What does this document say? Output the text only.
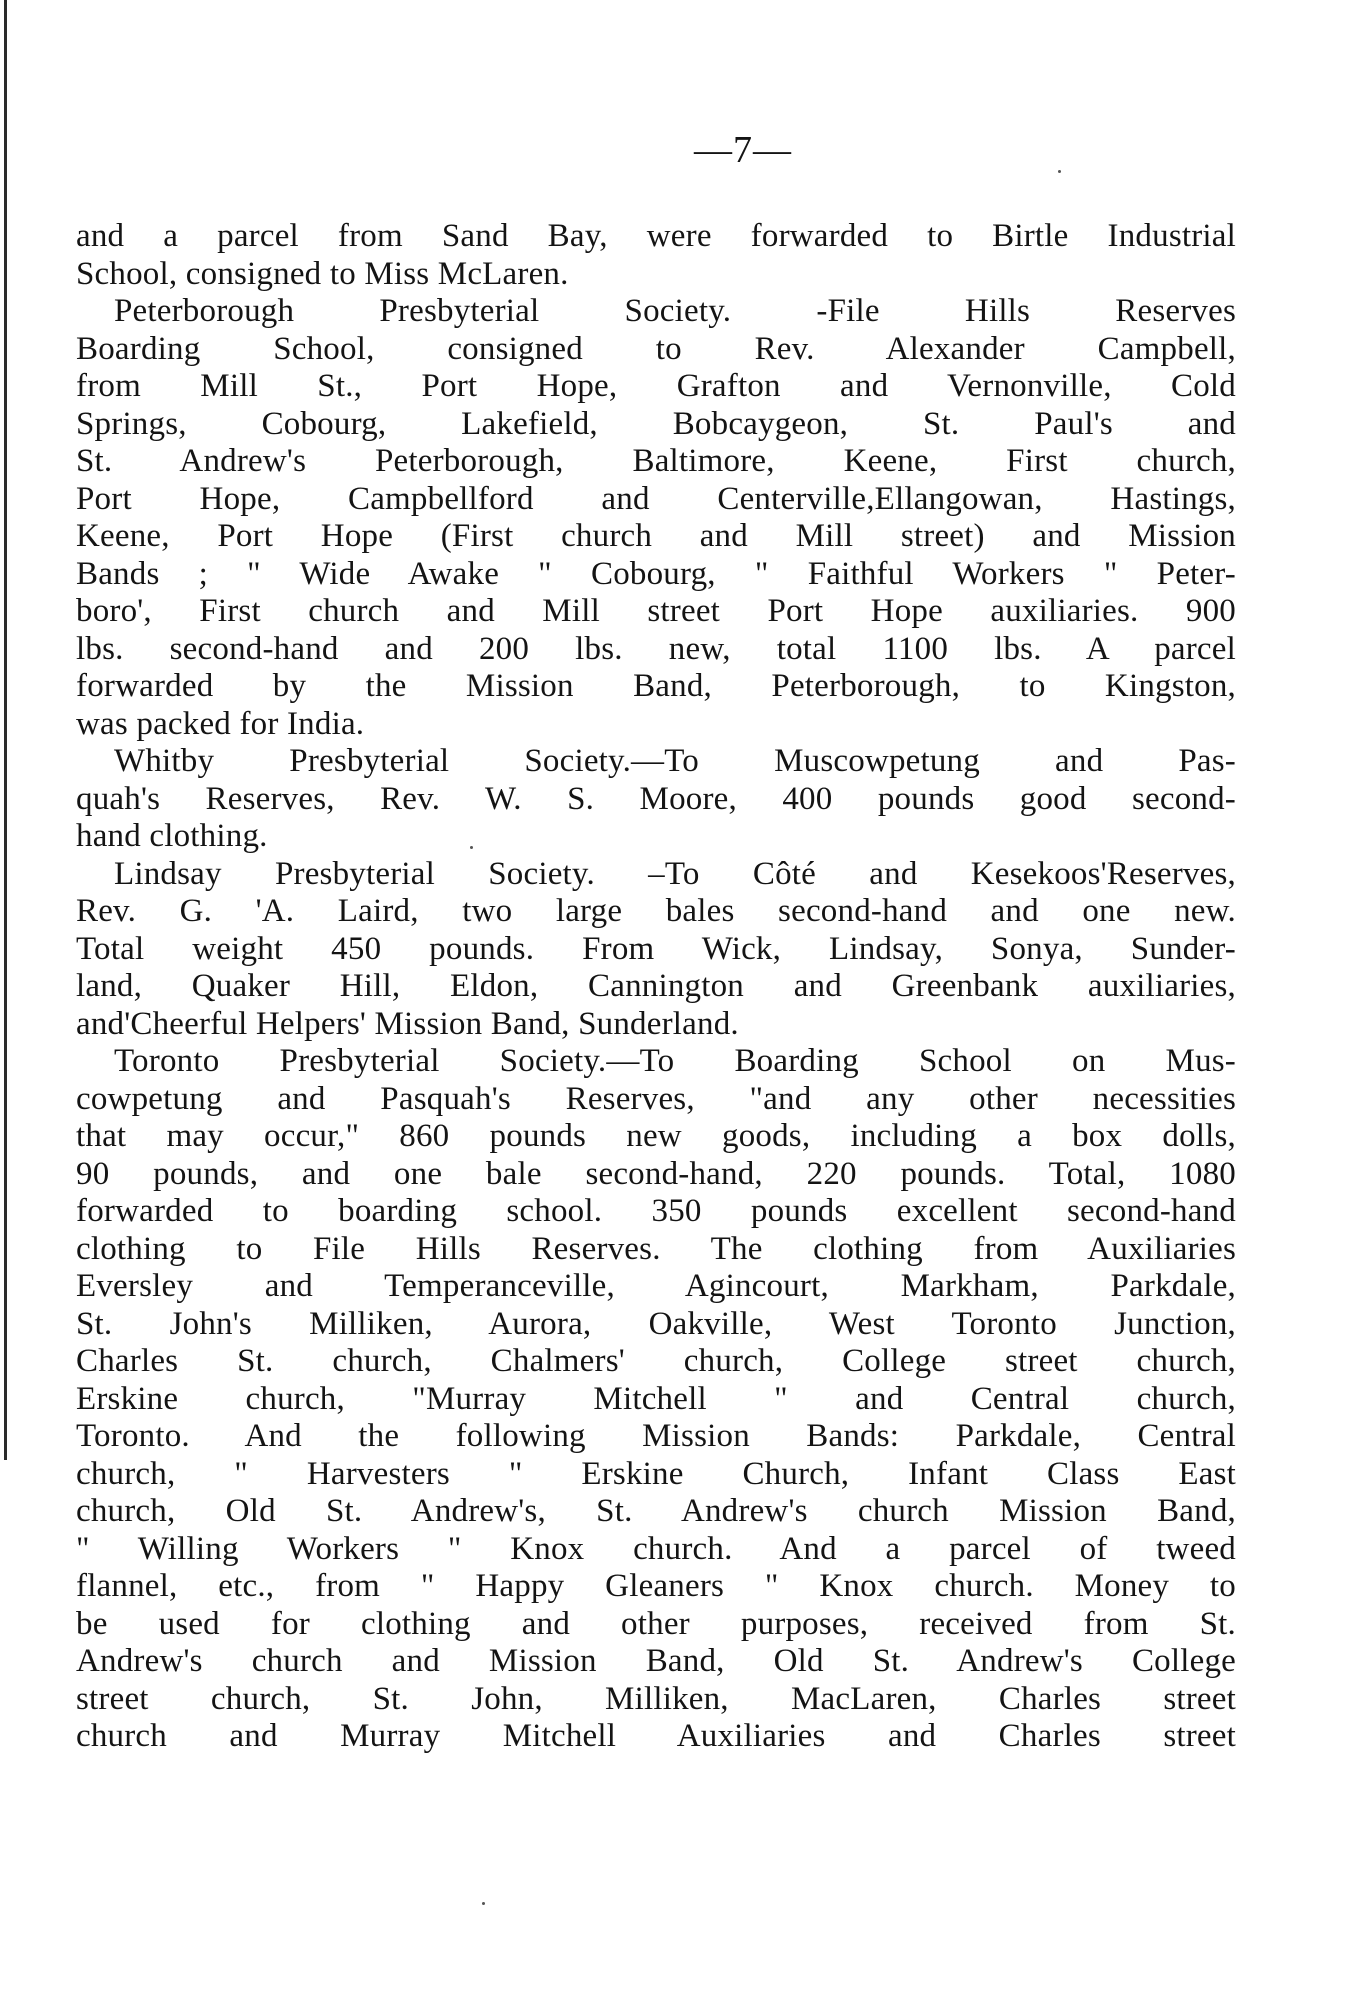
—7—
and a parcel from Sand Bay, were forwarded to Birtle Industrial
School, consigned to Miss McLaren.
Peterborough Presbyterial Society. -File Hills Reserves
Boarding School, consigned to Rev. Alexander Campbell,
from Mill St., Port Hope, Grafton and Vernonville, Cold
Springs, Cobourg, Lakefield, Bobcaygeon, St. Paul's and
St. Andrew's Peterborough, Baltimore, Keene, First church,
Port Hope, Campbellford and Centerville,Ellangowan, Hastings,
Keene, Port Hope (First church and Mill street) and Mission
Bands ; " Wide Awake " Cobourg, " Faithful Workers " Peter-
boro', First church and Mill street Port Hope auxiliaries. 900
lbs. second-hand and 200 lbs. new, total 1100 lbs. A parcel
forwarded by the Mission Band, Peterborough, to Kingston,
was packed for India.
Whitby Presbyterial Society.—To Muscowpetung and Pas-
quah's Reserves, Rev. W. S. Moore, 400 pounds good second-
hand clothing.
Lindsay Presbyterial Society. –To Côté and Kesekoos'Reserves,
Rev. G. 'A. Laird, two large bales second-hand and one new.
Total weight 450 pounds. From Wick, Lindsay, Sonya, Sunder-
land, Quaker Hill, Eldon, Cannington and Greenbank auxiliaries,
and'Cheerful Helpers' Mission Band, Sunderland.
Toronto Presbyterial Society.—To Boarding School on Mus-
cowpetung and Pasquah's Reserves, "and any other necessities
that may occur," 860 pounds new goods, including a box dolls,
90 pounds, and one bale second-hand, 220 pounds. Total, 1080
forwarded to boarding school. 350 pounds excellent second-hand
clothing to File Hills Reserves. The clothing from Auxiliaries
Eversley and Temperanceville, Agincourt, Markham, Parkdale,
St. John's Milliken, Aurora, Oakville, West Toronto Junction,
Charles St. church, Chalmers' church, College street church,
Erskine church, "Murray Mitchell " and Central church,
Toronto. And the following Mission Bands: Parkdale, Central
church, " Harvesters " Erskine Church, Infant Class East
church, Old St. Andrew's, St. Andrew's church Mission Band,
" Willing Workers " Knox church. And a parcel of tweed
flannel, etc., from " Happy Gleaners " Knox church. Money to
be used for clothing and other purposes, received from St.
Andrew's church and Mission Band, Old St. Andrew's College
street church, St. John, Milliken, MacLaren, Charles street
church and Murray Mitchell Auxiliaries and Charles street
